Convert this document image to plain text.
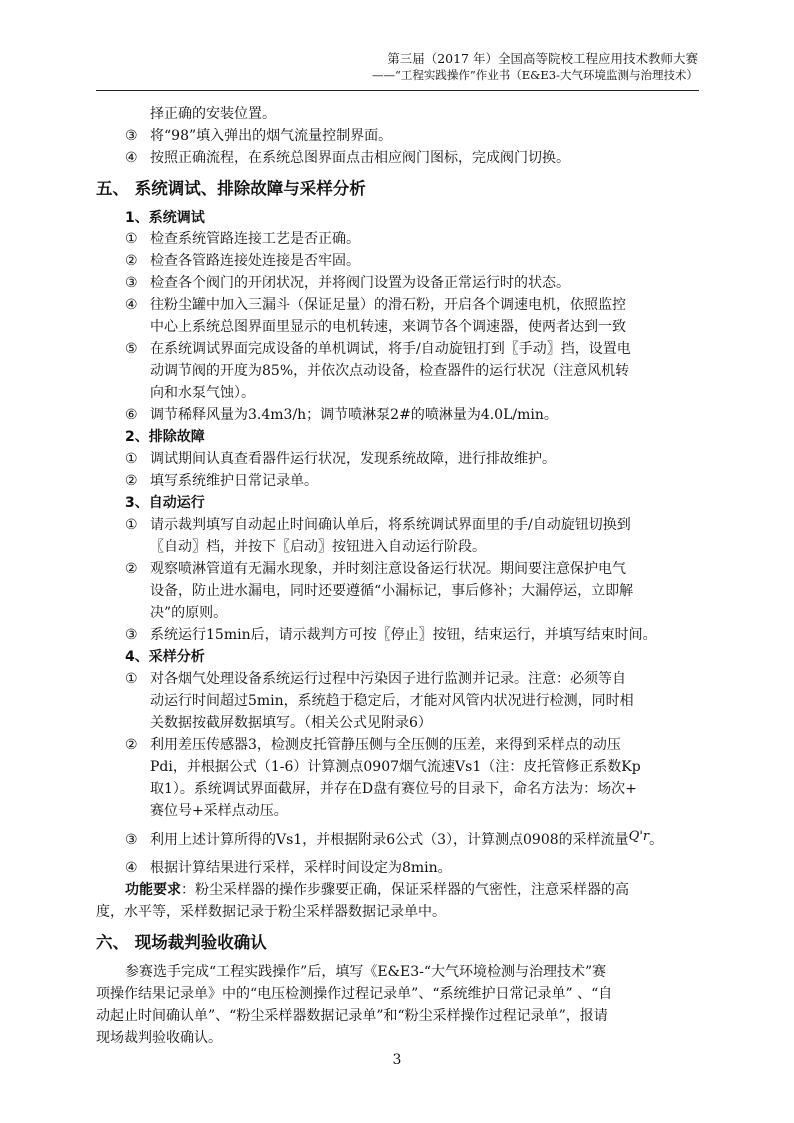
第三届（2017 年）全国高等院校工程应用技术教师大赛
——“工程实践操作”作业书（E&E3-大气环境监测与治理技术）
择正确的安装位置。
③ 将“98”填入弹出的烟气流量控制界面。
④ 按照正确流程，在系统总图界面点击相应阀门图标，完成阀门切换。
五、 系统调试、排除故障与采样分析
1、系统调试
① 检查系统管路连接工艺是否正确。
② 检查各管路连接处连接是否牢固。
③ 检查各个阀门的开闭状况，并将阀门设置为设备正常运行时的状态。
④ 往粉尘罐中加入三漏斗（保证足量）的滑石粉，开启各个调速电机，依照监控
中心上系统总图界面里显示的电机转速，来调节各个调速器，使两者达到一致
⑤ 在系统调试界面完成设备的单机调试，将手/自动旋钮打到〖手动〗挡，设置电
动调节阀的开度为85%，并依次点动设备，检查器件的运行状况（注意风机转
向和水泵气蚀）。
⑥ 调节稀释风量为3.4m3/h；调节喷淋泵2#的喷淋量为4.0L/min。
2、排除故障
① 调试期间认真查看器件运行状况，发现系统故障，进行排故维护。
② 填写系统维护日常记录单。
3、自动运行
① 请示裁判填写自动起止时间确认单后，将系统调试界面里的手/自动旋钮切换到
〖自动〗档，并按下〖启动〗按钮进入自动运行阶段。
② 观察喷淋管道有无漏水现象，并时刻注意设备运行状况。期间要注意保护电气
设备，防止进水漏电，同时还要遵循“小漏标记，事后修补；大漏停运，立即解
决”的原则。
③ 系统运行15min后，请示裁判方可按〖停止〗按钮，结束运行，并填写结束时间。
4、采样分析
① 对各烟气处理设备系统运行过程中污染因子进行监测并记录。注意：必须等自
动运行时间超过5min，系统趋于稳定后，才能对风管内状况进行检测，同时相
关数据按截屏数据填写。（相关公式见附录6）
② 利用差压传感器3，检测皮托管静压侧与全压侧的压差，来得到采样点的动压
Pdi，并根据公式（1-6）计算测点0907烟气流速Vs1（注：皮托管修正系数Kp
取1）。系统调试界面截屏，并存在D盘有赛位号的目录下，命名方法为：场次+
赛位号+采样点动压。
③ 利用上述计算所得的Vs1，并根据附录6公式（3），计算测点0908的采样流量Q'r。
④ 根据计算结果进行采样，采样时间设定为8min。
功能要求：粉尘采样器的操作步骤要正确，保证采样器的气密性，注意采样器的高
度，水平等，采样数据记录于粉尘采样器数据记录单中。
六、 现场裁判验收确认
参赛选手完成“工程实践操作”后，填写《E&E3-“大气环境检测与治理技术”赛
项操作结果记录单》中的“电压检测操作过程记录单”、“系统维护日常记录单” 、“自
动起止时间确认单”、“粉尘采样器数据记录单”和“粉尘采样操作过程记录单”，报请
现场裁判验收确认。
3
